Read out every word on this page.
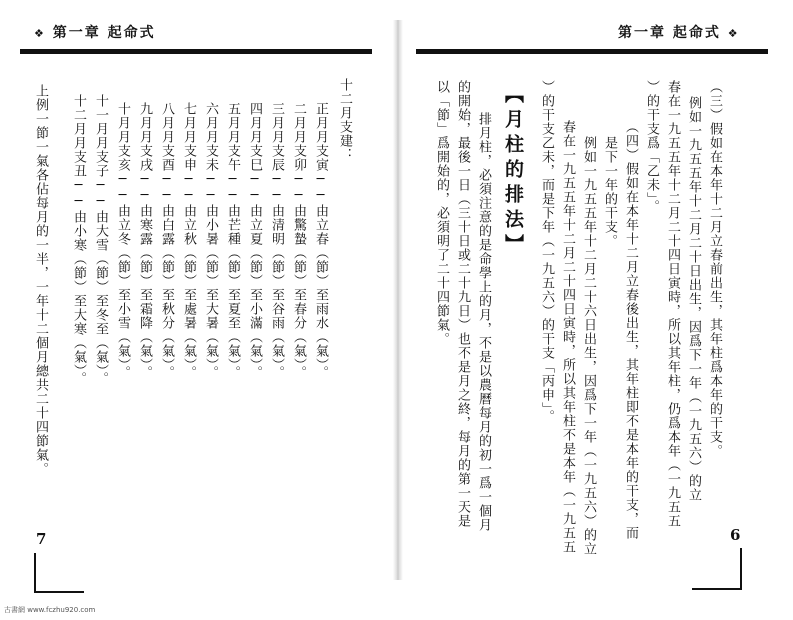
❖ 第一章 起命式
十二月支建：
正月月支寅──由立春（節）至雨水（氣）。
二月月支卯──由驚蟄（節）至春分（氣）。
三月月支辰──由清明（節）至谷雨（氣）。
四月月支巳──由立夏（節）至小滿（氣）。
五月月支午──由芒種（節）至夏至（氣）。
六月月支未──由小暑（節）至大暑（氣）。
七月月支申──由立秋（節）至處暑（氣）。
八月月支酉──由白露（節）至秋分（氣）。
九月月支戌──由寒露（節）至霜降（氣）。
十月月支亥──由立冬（節）至小雪（氣）。
十一月月支子──由大雪（節）至冬至（氣）。
十二月月支丑──由小寒（節）至大寒（氣）。
上例一節一氣各佔每月的一半，一年十二個月總共二十四節氣。
7
第一章 起命式 ❖
（三）假如在本年十二月立春前出生，其年柱爲本年的干支。
例如一九五五年十二月二十日出生，因爲下一年（一九五六）的立
春在一九五五年十二月二十四日寅時，所以其年柱，仍爲本年（一九五五
）的干支爲「乙未」。
（四）假如在本年十二月立春後出生，其年柱即不是本年的干支，而
是下一年的干支。
例如一九五五年十二月二十六日出生，因爲下一年（一九五六）的立
春在一九五五年十二月二十四日寅時，所以其年柱不是本年（一九五五
）的干支乙未，而是下年（一九五六）的干支「丙申」。
【月柱的排法】
排月柱，必須注意的是命學上的月，不是以農曆每月的初一爲一個月
的開始，最後一日（三十日或二十九日）也不是月之終，每月的第一天是
以「節」爲開始的，必須明了二十四節氣。
6
古書網 www.fczhu920.com
